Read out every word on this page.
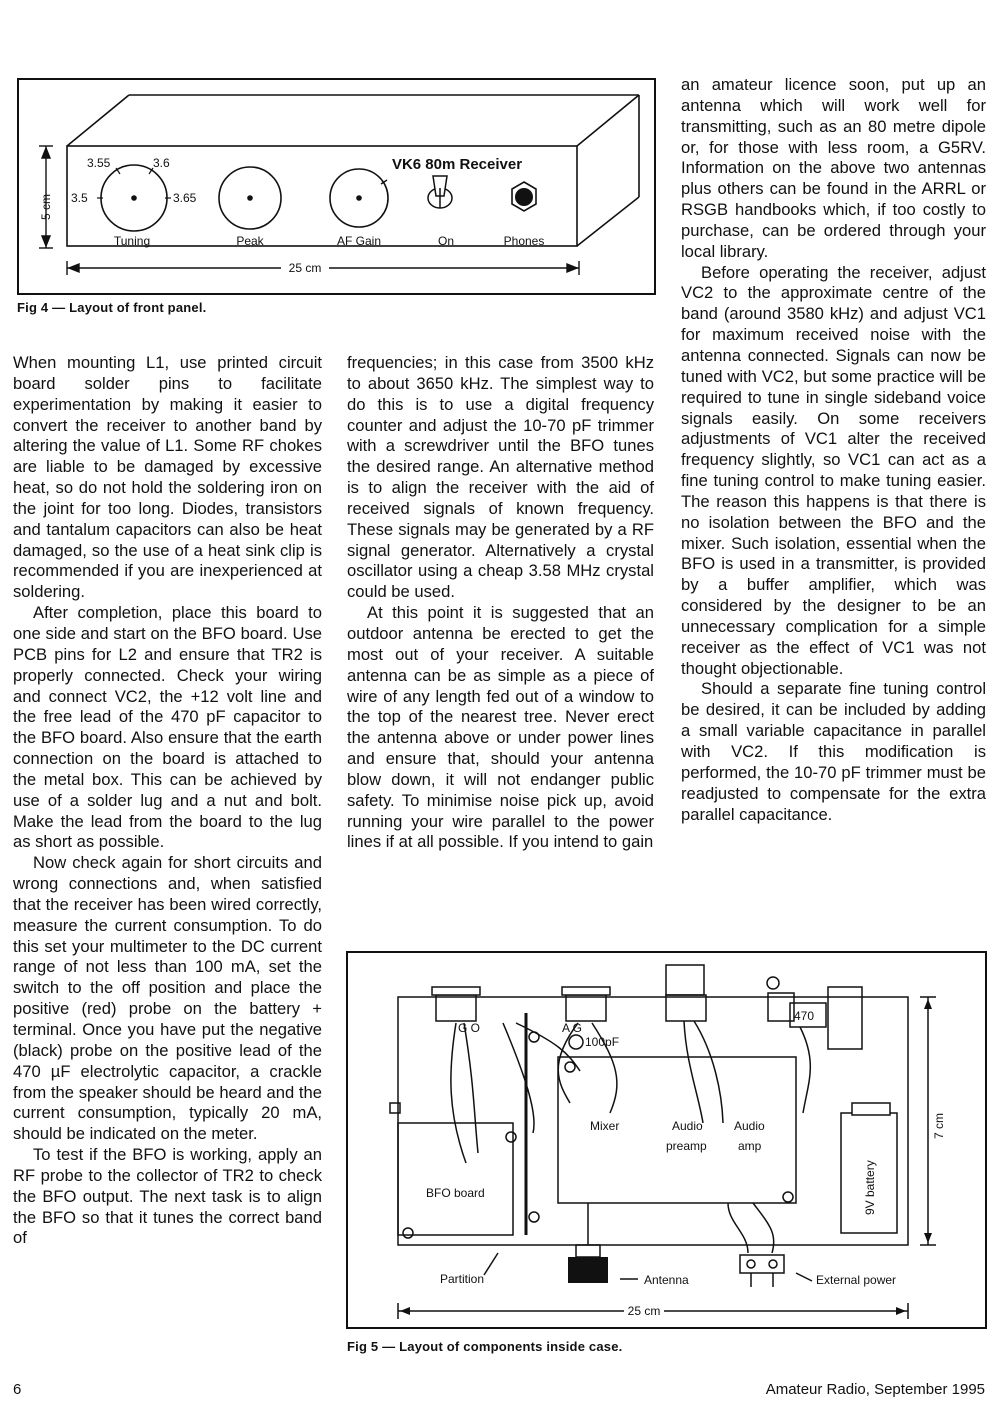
5 cm
25 cm
VK6 80m Receiver
3.55	3.6
3.5	3.65
Tuning	Peak	AF Gain	On	Phones
Fig 4 — Layout of front panel.

When mounting L1, use printed circuit board solder pins to facilitate experimentation by making it easier to convert the receiver to another band by altering the value of L1. Some RF chokes are liable to be damaged by excessive heat, so do not hold the soldering iron on the joint for too long. Diodes, transistors and tantalum capacitors can also be heat damaged, so the use of a heat sink clip is recommended if you are inexperienced at soldering.

After completion, place this board to one side and start on the BFO board. Use PCB pins for L2 and ensure that TR2 is properly connected. Check your wiring and connect VC2, the +12 volt line and the free lead of the 470 pF capacitor to the BFO board. Also ensure that the earth connection on the board is attached to the metal box. This can be achieved by use of a solder lug and a nut and bolt. Make the lead from the board to the lug as short as possible.

Now check again for short circuits and wrong connections and, when satisfied that the receiver has been wired correctly, measure the current consumption. To do this set your multimeter to the DC current range of not less than 100 mA, set the switch to the off position and place the positive (red) probe on the battery + terminal. Once you have put the negative (black) probe on the positive lead of the 470 µF electrolytic capacitor, a crackle from the speaker should be heard and the current consumption, typically 20 mA, should be indicated on the meter.

To test if the BFO is working, apply an RF probe to the collector of TR2 to check the BFO output. The next task is to align the BFO so that it tunes the correct band of

frequencies; in this case from 3500 kHz to about 3650 kHz. The simplest way to do this is to use a digital frequency counter and adjust the 10-70 pF trimmer with a screwdriver until the BFO tunes the desired range. An alternative method is to align the receiver with the aid of received signals of known frequency. These signals may be generated by a RF signal generator. Alternatively a crystal oscillator using a cheap 3.58 MHz crystal could be used.

At this point it is suggested that an outdoor antenna be erected to get the most out of your receiver. A suitable antenna can be as simple as a piece of wire of any length fed out of a window to the top of the nearest tree. Never erect the antenna above or under power lines and ensure that, should your antenna blow down, it will not endanger public safety. To minimise noise pick up, avoid running your wire parallel to the power lines if at all possible. If you intend to gain

an amateur licence soon, put up an antenna which will work well for transmitting, such as an 80 metre dipole or, for those with less room, a G5RV. Information on the above two antennas plus others can be found in the ARRL or RSGB handbooks which, if too costly to purchase, can be ordered through your local library.

Before operating the receiver, adjust VC2 to the approximate centre of the band (around 3580 kHz) and adjust VC1 for maximum received noise with the antenna connected. Signals can now be tuned with VC2, but some practice will be required to tune in single sideband voice signals easily. On some receivers adjustments of VC1 alter the received frequency slightly, so VC1 can act as a fine tuning control to make tuning easier. The reason this happens is that there is no isolation between the BFO and the mixer. Such isolation, essential when the BFO is used in a transmitter, is provided by a buffer amplifier, which was considered by the designer to be an unnecessary complication for a simple receiver as the effect of VC1 was not thought objectionable.

Should a separate fine tuning control be desired, it can be included by adding a small variable capacitance in parallel with VC2. If this modification is performed, the 10-70 pF trimmer must be readjusted to compensate for the extra parallel capacitance.

G O	A G
100pF
470
Mixer	Audio
preamp
Audio
amp
BFO board	9V battery
Partition	Antenna	External power
25 cm
7 cm
Fig 5 — Layout of components inside case.
6	Amateur Radio, September 1995
